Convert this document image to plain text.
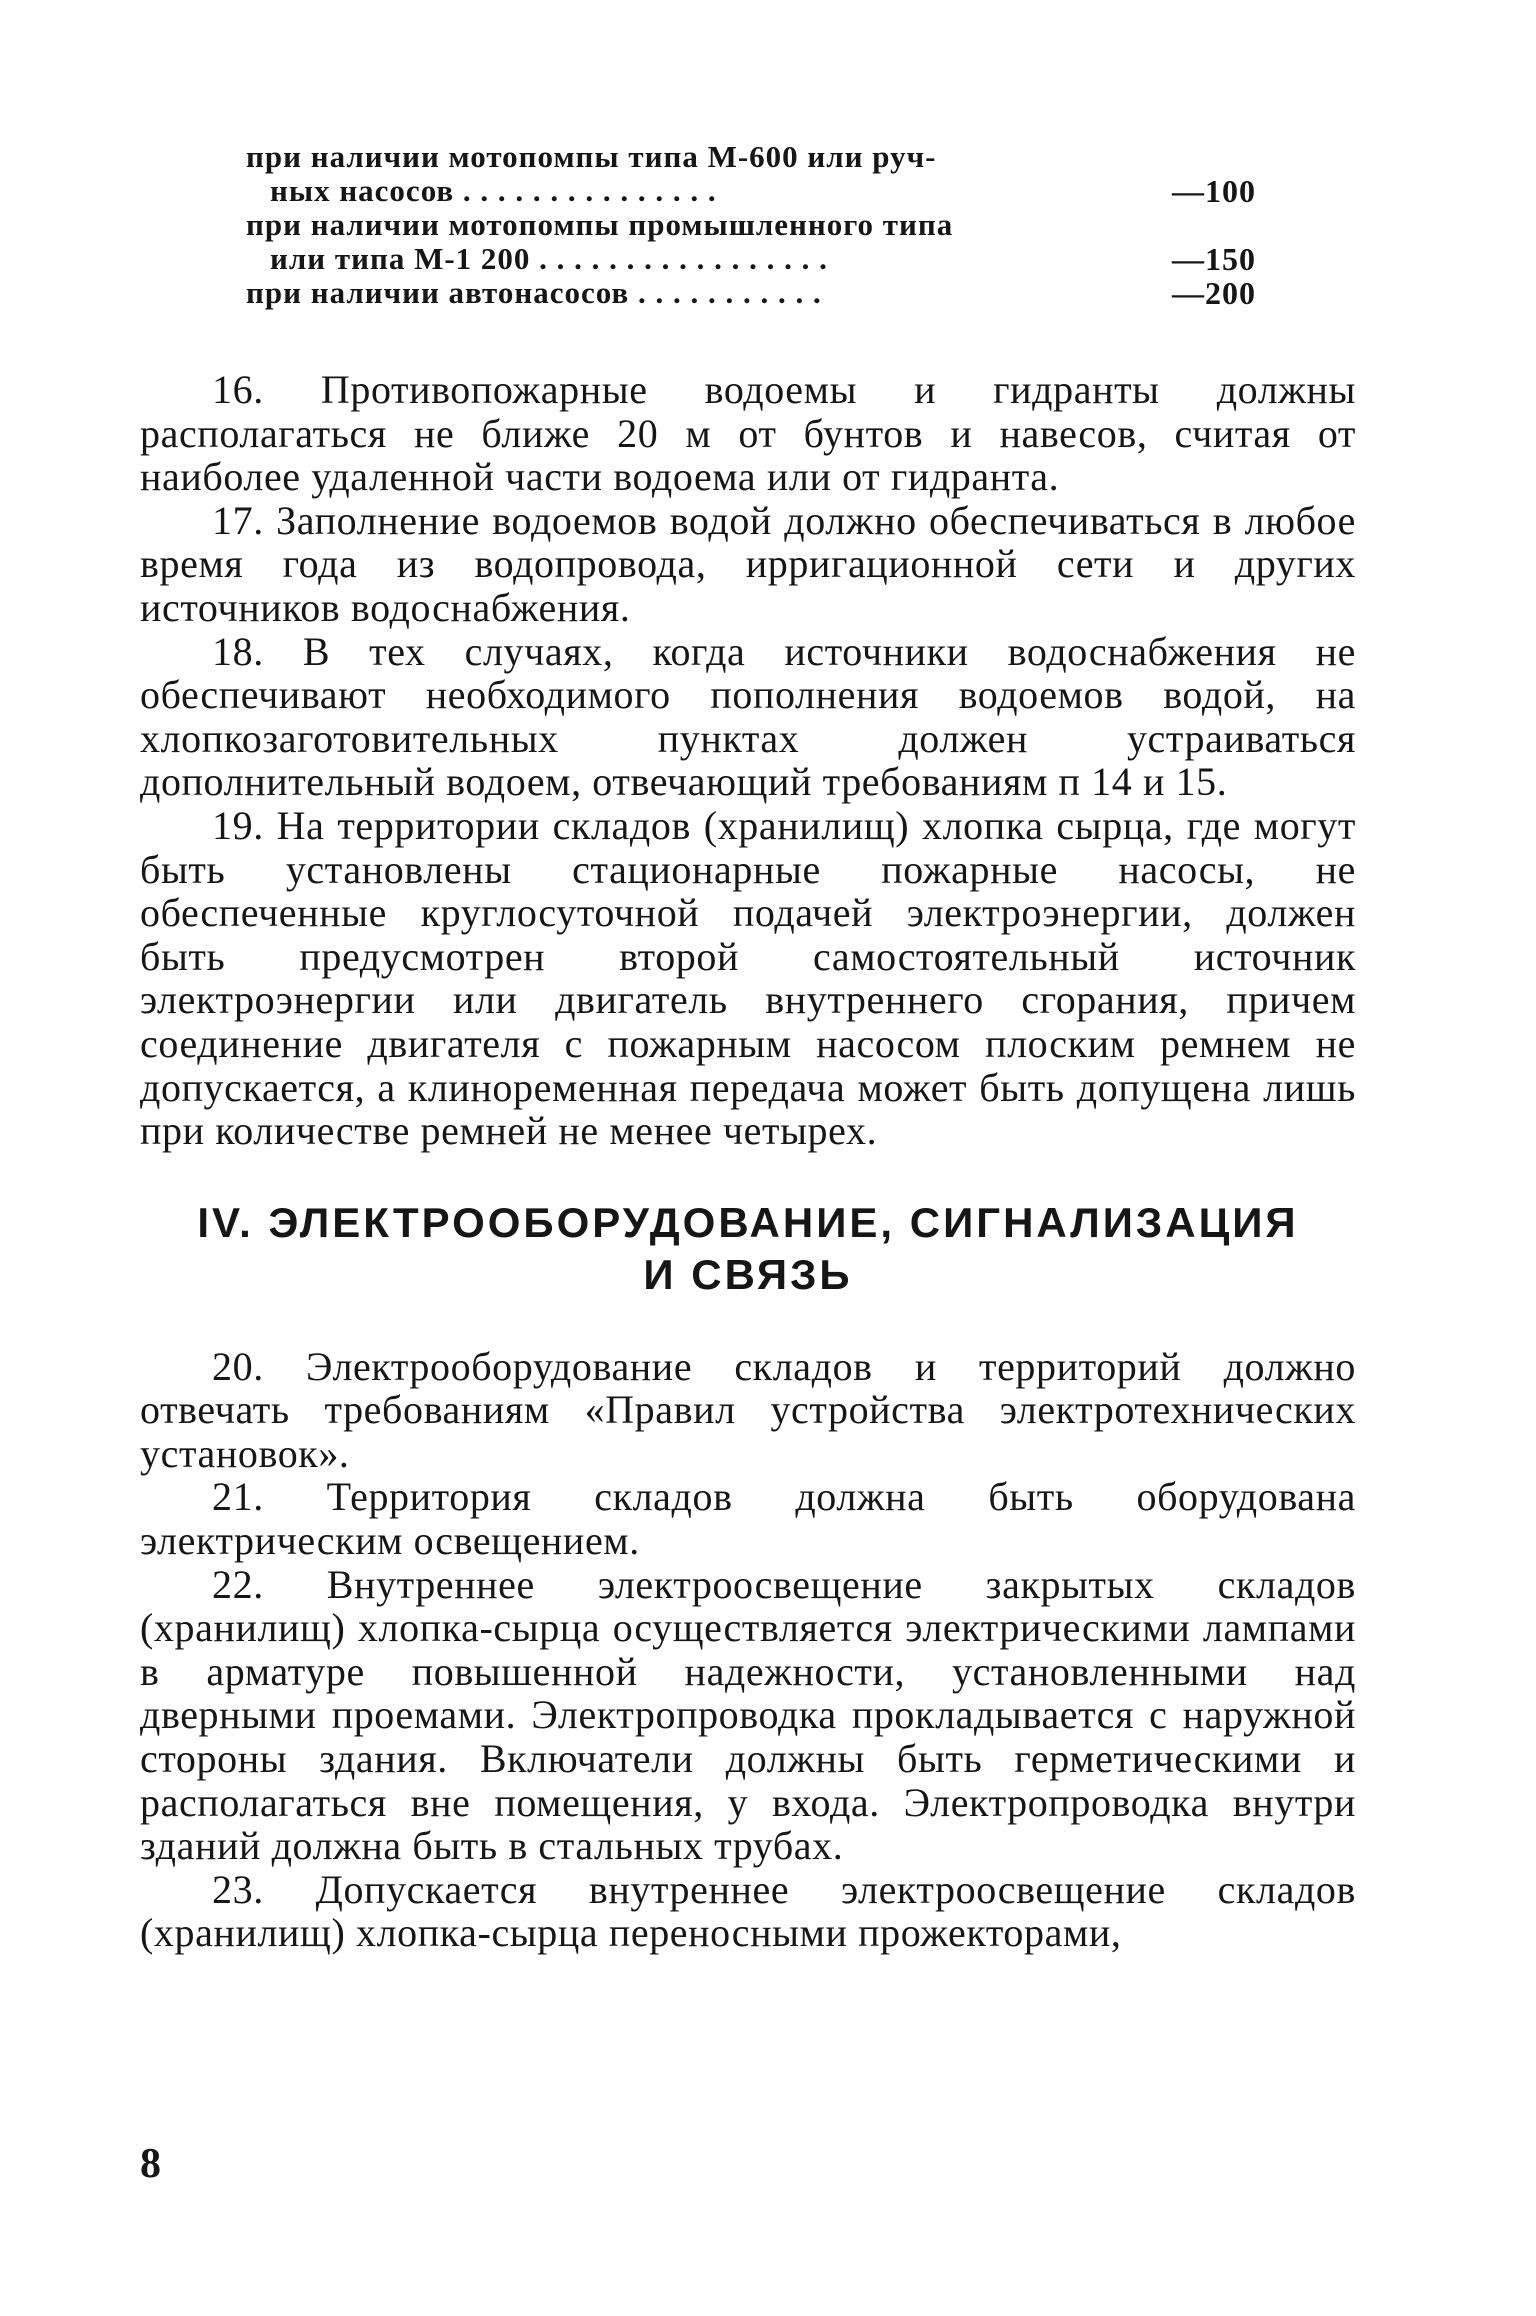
при наличии мотопомпы типа М-600 или руч-
ных насосов . . . . . . . . . . . . . . .	—100
при наличии мотопомпы промышленного типа
или типа М-1 200 . . . . . . . . . . . . . . . . .	—150
при наличии автонасосов . . . . . . . . . . .	—200

16. Противопожарные водоемы и гидранты должны располагаться не ближе 20 м от бунтов и навесов, считая от наиболее удаленной части водоема или от гидранта.

17. Заполнение водоемов водой должно обеспечиваться в любое время года из водопровода, ирригационной сети и других источников водоснабжения.

18. В тех случаях, когда источники водоснабжения не обеспечивают необходимого пополнения водоемов водой, на хлопкозаготовительных пунктах должен устраиваться дополнительный водоем, отвечающий требованиям п 14 и 15.

19. На территории складов (хранилищ) хлопка сырца, где могут быть установлены стационарные пожарные насосы, не обеспеченные круглосуточной подачей электроэнергии, должен быть предусмотрен второй самостоятельный источник электроэнергии или двигатель внутреннего сгорания, причем соединение двигателя с пожарным насосом плоским ремнем не допускается, а клиноременная передача может быть допущена лишь при количестве ремней не менее четырех.

IV. ЭЛЕКТРООБОРУДОВАНИЕ, СИГНАЛИЗАЦИЯ
И СВЯЗЬ

20. Электрооборудование складов и территорий должно отвечать требованиям «Правил устройства электротехнических установок».

21. Территория складов должна быть оборудована электрическим освещением.

22. Внутреннее электроосвещение закрытых складов (хранилищ) хлопка-сырца осуществляется электрическими лампами в арматуре повышенной надежности, установленными над дверными проемами. Электропроводка прокладывается с наружной стороны здания. Включатели должны быть герметическими и располагаться вне помещения, у входа. Электропроводка внутри зданий должна быть в стальных трубах.

23. Допускается внутреннее электроосвещение складов (хранилищ) хлопка-сырца переносными прожекторами,

8
